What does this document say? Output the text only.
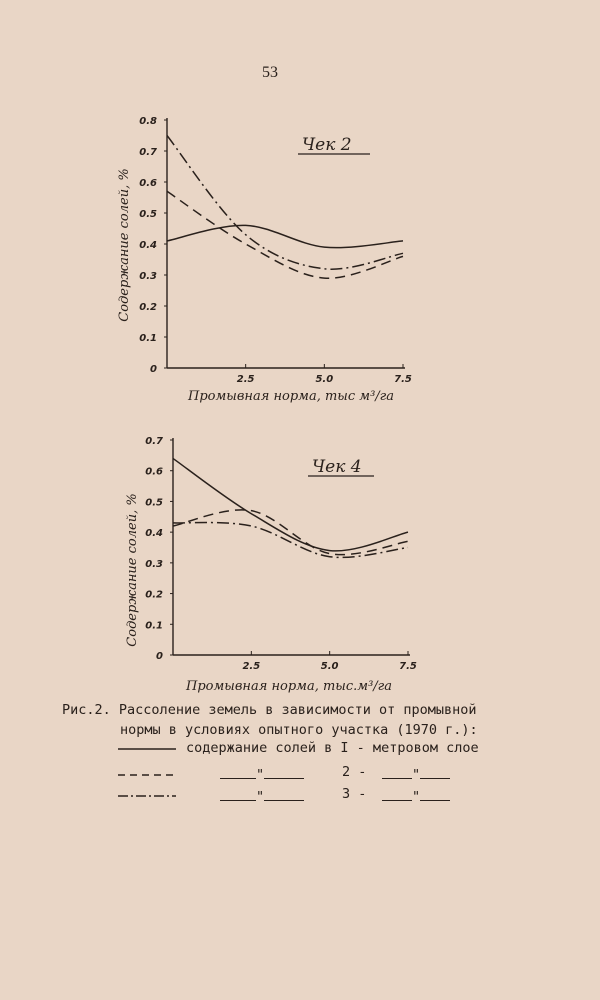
53
0
0.1
0.2
0.3
0.4
0.5
0.6
0.7
0.8
2.5	5.0	7.5
Чек 2
Содержание солей, %
Промывная норма, тыс м³/га
0
0.1
0.2
0.3
0.4
0.5
0.6
0.7
2.5	5.0	7.5
Чек 4
Содержание солей, %
Промывная норма, тыс.м³/га
Рис.2. Рассоление земель в зависимости от промывной
нормы в условиях опытного участка (1970 г.):
содержание солей в I - метровом слое
"	2 -	"
"	3 -	"
